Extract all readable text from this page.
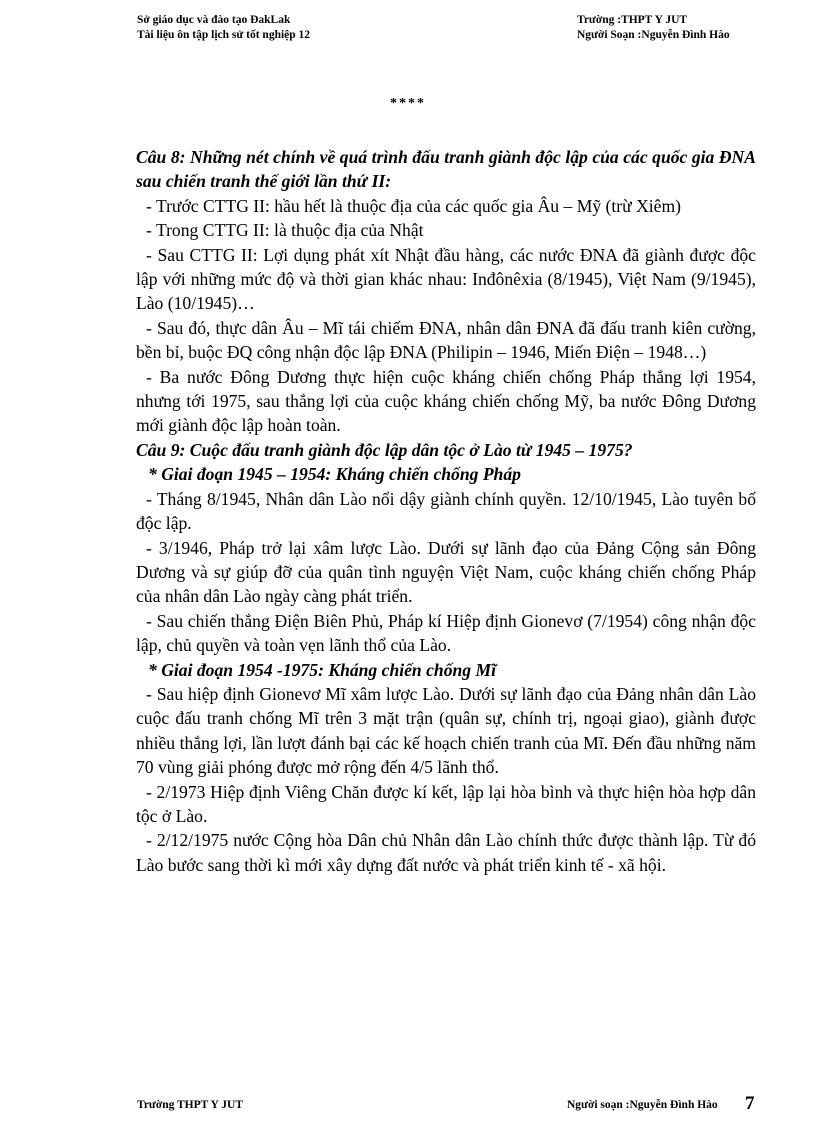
Sở giáo dục và đào tạo ĐakLak
Tài liệu ôn tập lịch sử tốt nghiệp 12
Trường :THPT Y JUT
Người Soạn :Nguyễn Đình Hào
****

Câu 8: Những nét chính về quá trình đấu tranh giành độc lập của các quốc gia ĐNA sau chiến tranh thế giới lần thứ II:

- Trước CTTG II: hầu hết là thuộc địa của các quốc gia Âu – Mỹ (trừ Xiêm)

- Trong CTTG II: là thuộc địa của Nhật

- Sau CTTG II: Lợi dụng phát xít Nhật đầu hàng, các nước ĐNA đã giành được độc lập với những mức độ và thời gian khác nhau: Inđônêxia (8/1945), Việt Nam (9/1945), Lào (10/1945)…

- Sau đó, thực dân Âu – Mĩ tái chiếm ĐNA, nhân dân ĐNA đã đấu tranh kiên cường, bền bỉ, buộc ĐQ công nhận độc lập ĐNA (Philipin – 1946, Miến Điện – 1948…)

- Ba nước Đông Dương thực hiện cuộc kháng chiến chống Pháp thắng lợi 1954, nhưng tới 1975, sau thắng lợi của cuộc kháng chiến chống Mỹ, ba nước Đông Dương mới giành độc lập hoàn toàn.

Câu 9: Cuộc đấu tranh giành độc lập dân tộc ở Lào từ 1945 – 1975?

* Giai đoạn 1945 – 1954: Kháng chiến chống Pháp

- Tháng 8/1945, Nhân dân Lào nổi dậy giành chính quyền. 12/10/1945, Lào tuyên bố độc lập.

- 3/1946, Pháp trở lại xâm lược Lào. Dưới sự lãnh đạo của Đảng Cộng sản Đông Dương và sự giúp đỡ của quân tình nguyện Việt Nam, cuộc kháng chiến chống Pháp của nhân dân Lào ngày càng phát triển.

- Sau chiến thắng Điện Biên Phủ, Pháp kí Hiệp định Gionevơ (7/1954) công nhận độc lập, chủ quyền và toàn vẹn lãnh thổ của Lào.

* Giai đoạn 1954 -1975: Kháng chiến chống Mĩ

- Sau hiệp định Gionevơ Mĩ xâm lược Lào. Dưới sự lãnh đạo của Đảng nhân dân Lào cuộc đấu tranh chống Mĩ trên 3 mặt trận (quân sự, chính trị, ngoại giao), giành được nhiều thắng lợi, lần lượt đánh bại các kế hoạch chiến tranh của Mĩ. Đến đầu những năm 70 vùng giải phóng được mở rộng đến 4/5 lãnh thổ.

- 2/1973 Hiệp định Viêng Chăn được kí kết, lập lại hòa bình và thực hiện hòa hợp dân tộc ở Lào.

- 2/12/1975 nước Cộng hòa Dân chủ Nhân dân Lào chính thức được thành lập. Từ đó Lào bước sang thời kì mới xây dựng đất nước và phát triển kinh tế - xã hội.

Trường THPT Y JUT	Người soạn :Nguyễn Đình Hào 7
